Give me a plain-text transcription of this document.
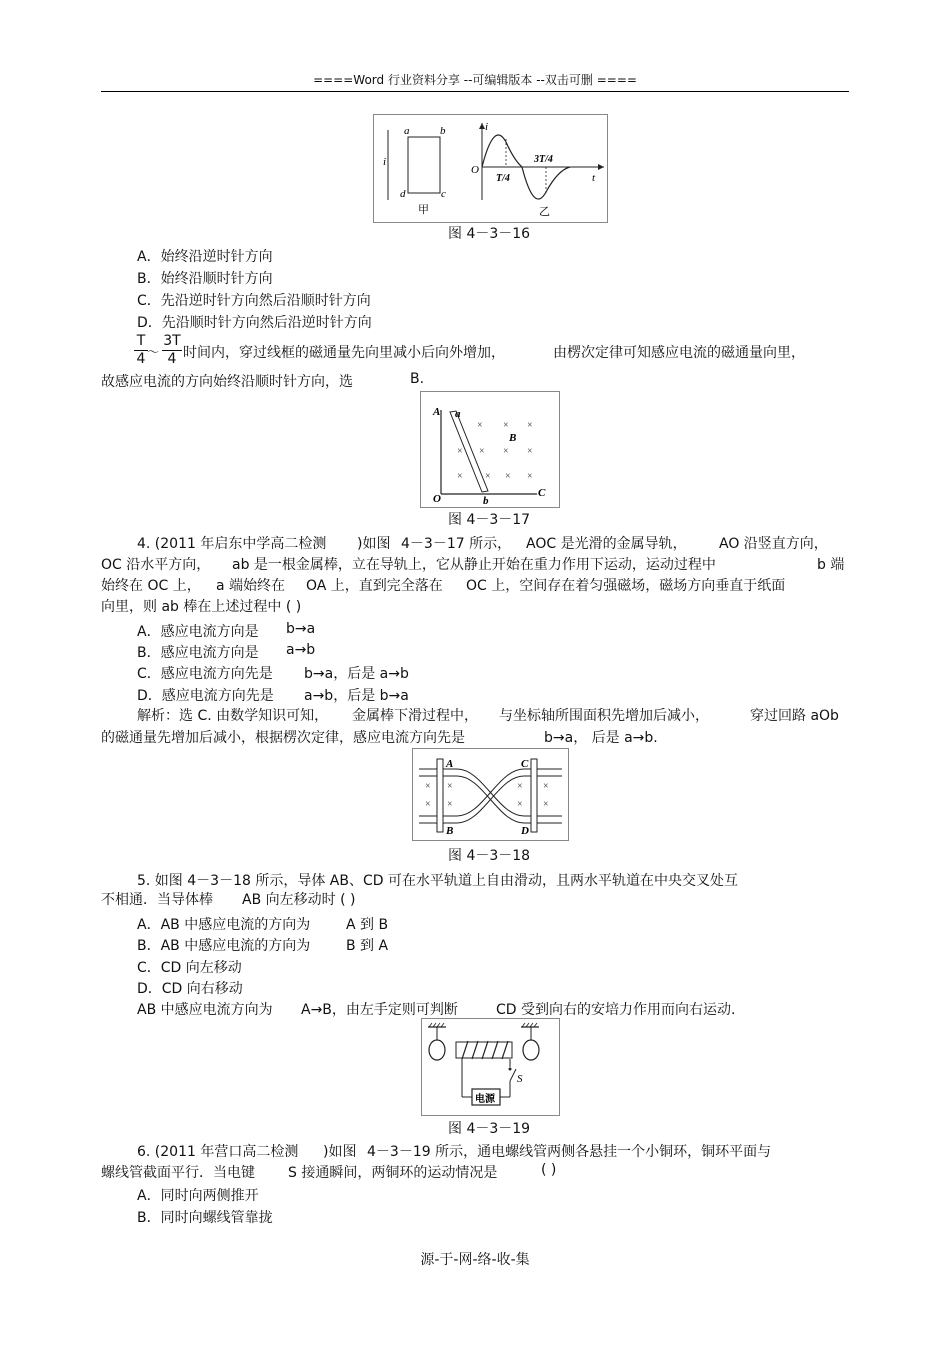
====Word 行业资料分享 --可编辑版本 --双击可删 ====
i
a	b
d	c
甲
i
O
T/4
3T/4
t
乙
图 4－3－16
A．始终沿逆时针方向
B．始终沿顺时针方向
C．先沿逆时针方向然后沿顺时针方向
D．先沿顺时针方向然后沿逆时针方向
$\frac{T}{4}$ ～ $\frac{3T}{4}$ 时间内，穿过线框的磁通量先向里减小后向外增加，	由楞次定律可知感应电流的磁通量向里，
故感应电流的方向始终沿顺时针方向，选	B.
A a
B
O	b
C
× × ×
× × × ×
× × × ×
图 4－3－17
4. (2011 年启东中学高二检测 )如图 4－3－17 所示， AOC 是光滑的金属导轨， AO 沿竖直方向，
OC 沿水平方向， ab 是一根金属棒，立在导轨上，它从静止开始在重力作用下运动，运动过程中	b 端
始终在 OC 上， a 端始终在 OA 上，直到完全落在 OC 上，空间存在着匀强磁场，磁场方向垂直于纸面
向里，则 ab 棒在上述过程中 ( )
A．感应电流方向是 b→a
B．感应电流方向是 a→b
C．感应电流方向先是 b→a，后是 a→b
D．感应电流方向先是 a→b，后是 b→a
解析：选 C. 由数学知识可知， 金属棒下滑过程中， 与坐标轴所围面积先增加后减小，	穿过回路 aOb
的磁通量先增加后减小，根据楞次定律，感应电流方向先是	b→a， 后是 a→b.
A
B
C
D
×
×
×
×
×
×
×
×
图 4－3－18
5. 如图 4－3－18 所示，导体 AB、CD 可在水平轨道上自由滑动，且两水平轨道在中央交叉处互
不相通．当导体棒 AB 向左移动时 ( )
A．AB 中感应电流的方向为	A 到 B
B．AB 中感应电流的方向为	B 到 A
C．CD 向左移动
D．CD 向右移动
AB 中感应电流方向为 A→B，由左手定则可判断	CD 受到向右的安培力作用而向右运动.
电源
S
图 4－3－19
6. (2011 年营口高二检测 )如图 4－3－19 所示，通电螺线管两侧各悬挂一个小铜环，铜环平面与
螺线管截面平行．当电键 S 接通瞬间，两铜环的运动情况是	( )
A．同时向两侧推开
B．同时向螺线管靠拢
源-于-网-络-收-集
